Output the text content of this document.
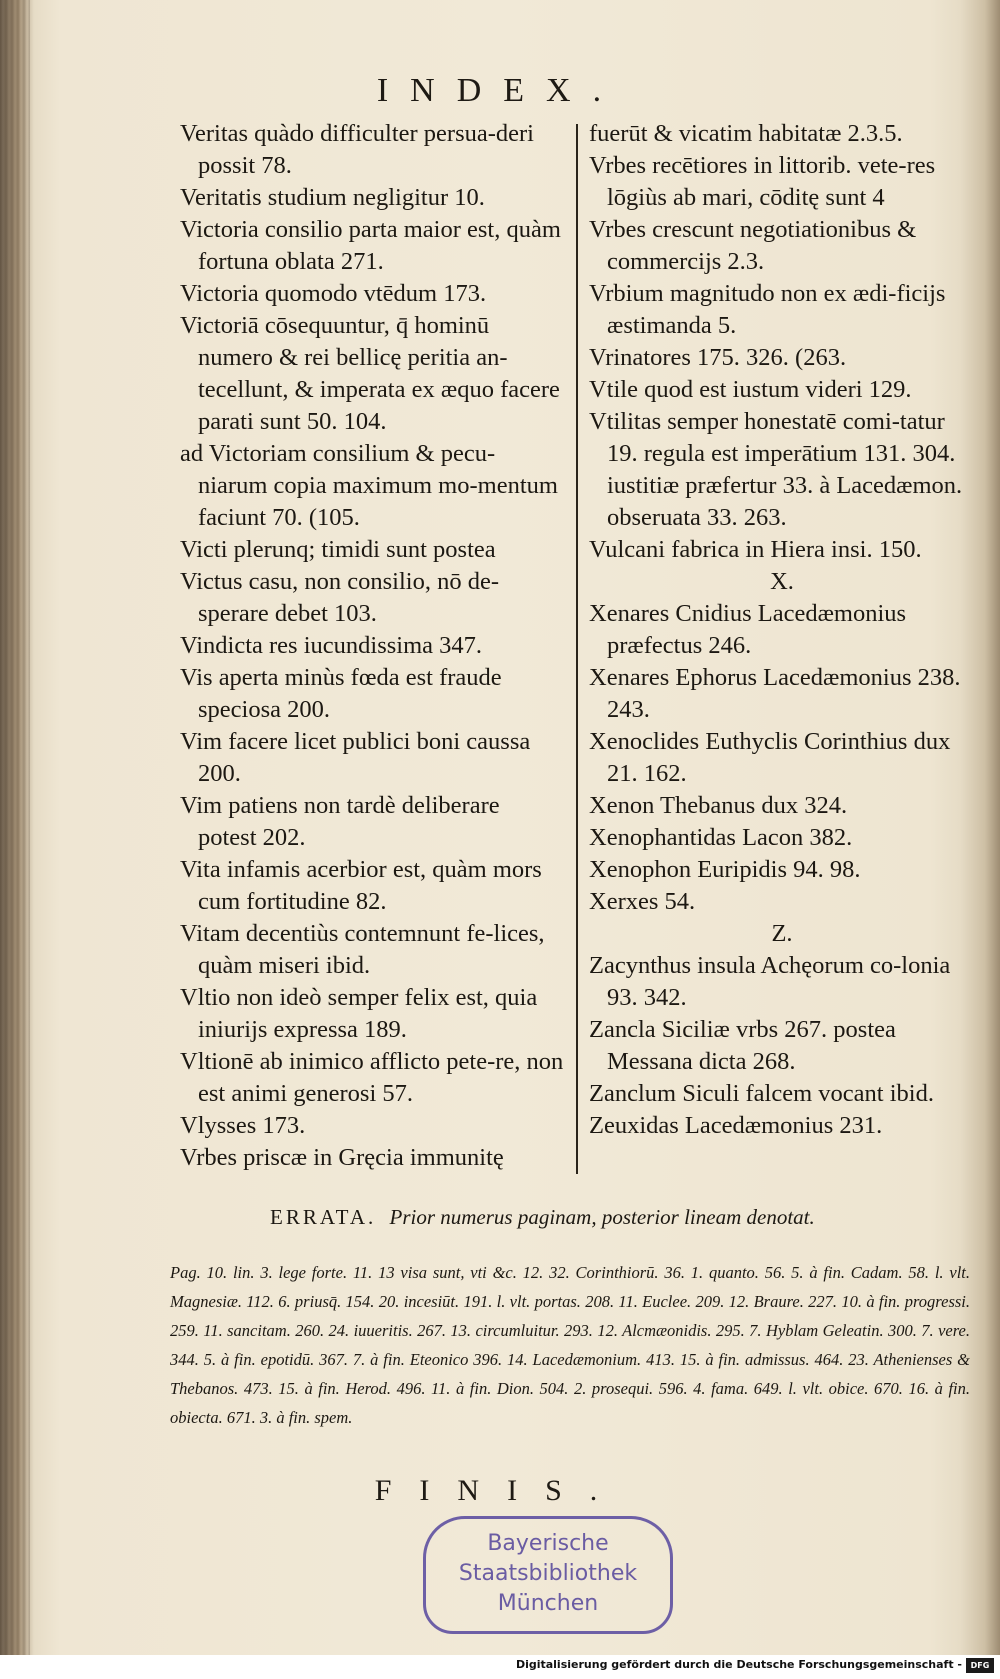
INDEX.

Veritas quàdo difficulter persua-deri possit 78.

Veritatis studium negligitur 10.

Victoria consilio parta maior est, quàm fortuna oblata 271.

Victoria quomodo vtēdum 173.

Victoriā cōsequuntur, q̄ hominū numero & rei bellicę peritia an-tecellunt, & imperata ex æquo facere parati sunt 50. 104.

ad Victoriam consilium & pecu-niarum copia maximum mo-mentum faciunt 70. (105.

Victi plerunq; timidi sunt postea

Victus casu, non consilio, nō de-sperare debet 103.

Vindicta res iucundissima 347.

Vis aperta minùs fœda est fraude speciosa 200.

Vim facere licet publici boni caussa 200.

Vim patiens non tardè deliberare potest 202.

Vita infamis acerbior est, quàm mors cum fortitudine 82.

Vitam decentiùs contemnunt fe-lices, quàm miseri ibid.

Vltio non ideò semper felix est, quia iniurijs expressa 189.

Vltionē ab inimico afflicto pete-re, non est animi generosi 57.

Vlysses 173.

Vrbes priscæ in Gręcia immunitę

fuerūt & vicatim habitatæ 2.3.5.

Vrbes recētiores in littorib. vete-res lōgiùs ab mari, cōditę sunt 4

Vrbes crescunt negotiationibus & commercijs 2.3.

Vrbium magnitudo non ex ædi-ficijs æstimanda 5.

Vrinatores 175. 326. (263.

Vtile quod est iustum videri 129.

Vtilitas semper honestatē comi-tatur 19. regula est imperātium 131. 304. iustitiæ præfertur 33. à Lacedæmon. obseruata 33. 263.

Vulcani fabrica in Hiera insi. 150.

X.

Xenares Cnidius Lacedæmonius præfectus 246.

Xenares Ephorus Lacedæmonius 238. 243.

Xenoclides Euthyclis Corinthius dux 21. 162.

Xenon Thebanus dux 324.

Xenophantidas Lacon 382.

Xenophon Euripidis 94. 98.

Xerxes 54.

Z.

Zacynthus insula Achęorum co-lonia 93. 342.

Zancla Siciliæ vrbs 267. postea Messana dicta 268.

Zanclum Siculi falcem vocant ibid.

Zeuxidas Lacedæmonius 231.

ERRATA. Prior numerus paginam, posterior lineam denotat.
Pag. 10. lin. 3. lege forte. 11. 13 visa sunt, vti &c. 12. 32. Corinthiorū. 36. 1. quanto. 56. 5. à fin. Cadam. 58. l. vlt. Magnesiæ. 112. 6. priusq̄. 154. 20. incesiūt. 191. l. vlt. portas. 208. 11. Euclee. 209. 12. Braure. 227. 10. à fin. progressi. 259. 11. sancitam. 260. 24. iuueritis. 267. 13. circumluitur. 293. 12. Alcmæonidis. 295. 7. Hyblam Geleatin. 300. 7. vere. 344. 5. à fin. epotidū. 367. 7. à fin. Eteonico 396. 14. Lacedæmonium. 413. 15. à fin. admissus. 464. 23. Athenienses & Thebanos. 473. 15. à fin. Herod. 496. 11. à fin. Dion. 504. 2. prosequi. 596. 4. fama. 649. l. vlt. obice. 670. 16. à fin. obiecta. 671. 3. à fin. spem.
FINIS.
Bayerische
Staatsbibliothek
München
Digitalisierung gefördert durch die Deutsche Forschungsgemeinschaft -	DFG
